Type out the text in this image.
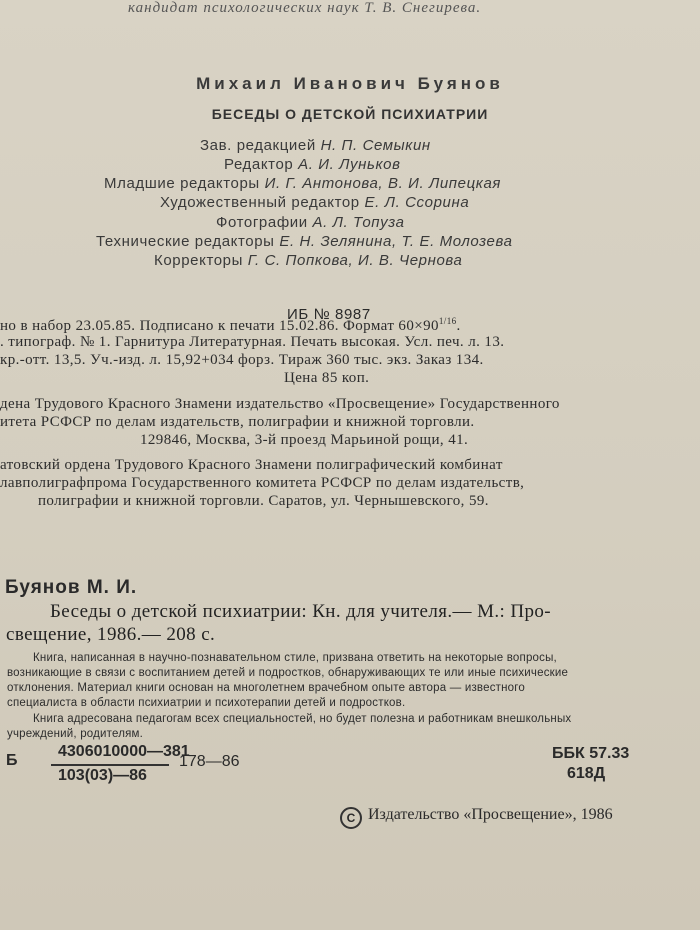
кандидат психологических наук Т. В. Снегирева.
Михаил Иванович Буянов
БЕСЕДЫ О ДЕТСКОЙ ПСИХИАТРИИ
Зав. редакцией Н. П. Семыкин
Редактор А. И. Луньков
Младшие редакторы И. Г. Антонова, В. И. Липецкая
Художественный редактор Е. Л. Ссорина
Фотографии А. Л. Топуза
Технические редакторы Е. Н. Зелянина, Т. Е. Молозева
Корректоры Г. С. Попкова, И. В. Чернова
ИБ № 8987
но в набор 23.05.85. Подписано к печати 15.02.86. Формат $60\times 90^{1/16}$.
. типограф. № 1. Гарнитура Литературная. Печать высокая. Усл. печ. л. 13.
кр.-отт. 13,5. Уч.-изд. л. 15,92+034 форз. Тираж 360 тыс. экз. Заказ 134.
Цена 85 коп.
дена Трудового Красного Знамени издательство «Просвещение» Государственного
итета РСФСР по делам издательств, полиграфии и книжной торговли.
129846, Москва, 3-й проезд Марьиной рощи, 41.
атовский ордена Трудового Красного Знамени полиграфический комбинат
лавполиграфпрома Государственного комитета РСФСР по делам издательств,
полиграфии и книжной торговли. Саратов, ул. Чернышевского, 59.
Буянов М. И.
Беседы о детской психиатрии: Кн. для учителя.— М.: Про-
свещение, 1986.— 208 с.
Книга, написанная в научно-познавательном стиле, призвана ответить на некоторые вопросы,
возникающие в связи с воспитанием детей и подростков, обнаруживающих те или иные психические
отклонения. Материал книги основан на многолетнем врачебном опыте автора — известного
специалиста в области психиатрии и психотерапии детей и подростков.
Книга адресована педагогам всех специальностей, но будет полезна и работникам внешкольных
учреждений, родителям.
Б
4306010000—381
103(03)—86
178—86	ББК 57.33
618Д
C Издательство «Просвещение», 1986
